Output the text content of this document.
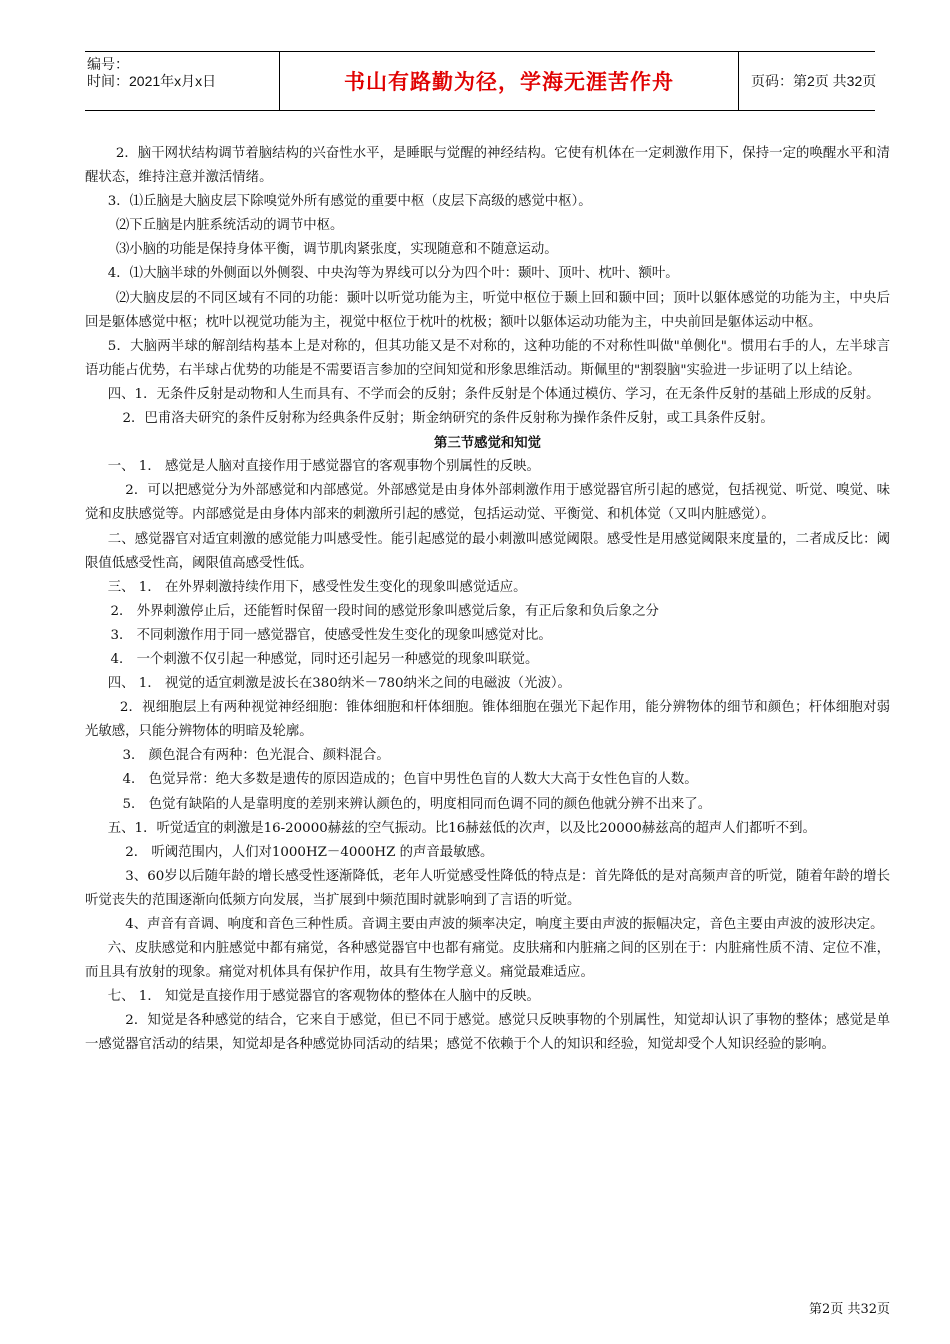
编号：
时间：2021年x月x日	书山有路勤为径，学海无涯苦作舟	页码：第2页 共32页

2．脑干网状结构调节着脑结构的兴奋性水平，是睡眠与觉醒的神经结构。它使有机体在一定刺激作用下，保持一定的唤醒水平和清醒状态，维持注意并激活情绪。

3．⑴丘脑是大脑皮层下除嗅觉外所有感觉的重要中枢（皮层下高级的感觉中枢）。

⑵下丘脑是内脏系统活动的调节中枢。

⑶小脑的功能是保持身体平衡，调节肌肉紧张度，实现随意和不随意运动。

4．⑴大脑半球的外侧面以外侧裂、中央沟等为界线可以分为四个叶：颞叶、顶叶、枕叶、额叶。

⑵大脑皮层的不同区域有不同的功能：颞叶以听觉功能为主，听觉中枢位于颞上回和颞中回；顶叶以躯体感觉的功能为主，中央后回是躯体感觉中枢；枕叶以视觉功能为主，视觉中枢位于枕叶的枕极；额叶以躯体运动功能为主，中央前回是躯体运动中枢。

5．大脑两半球的解剖结构基本上是对称的，但其功能又是不对称的，这种功能的不对称性叫做"单侧化"。惯用右手的人，左半球言语功能占优势，右半球占优势的功能是不需要语言参加的空间知觉和形象思维活动。斯佩里的"割裂脑"实验进一步证明了以上结论。

四、1．无条件反射是动物和人生而具有、不学而会的反射；条件反射是个体通过模仿、学习，在无条件反射的基础上形成的反射。

2．巴甫洛夫研究的条件反射称为经典条件反射；斯金纳研究的条件反射称为操作条件反射，或工具条件反射。

第三节感觉和知觉

一、 1． 感觉是人脑对直接作用于感觉器官的客观事物个别属性的反映。

2．可以把感觉分为外部感觉和内部感觉。外部感觉是由身体外部刺激作用于感觉器官所引起的感觉，包括视觉、听觉、嗅觉、味觉和皮肤感觉等。内部感觉是由身体内部来的刺激所引起的感觉，包括运动觉、平衡觉、和机体觉（又叫内脏感觉）。

二、感觉器官对适宜刺激的感觉能力叫感受性。能引起感觉的最小刺激叫感觉阈限。感受性是用感觉阈限来度量的，二者成反比：阈限值低感受性高，阈限值高感受性低。

三、 1． 在外界刺激持续作用下，感受性发生变化的现象叫感觉适应。

2． 外界刺激停止后，还能暂时保留一段时间的感觉形象叫感觉后象，有正后象和负后象之分

3． 不同刺激作用于同一感觉器官，使感受性发生变化的现象叫感觉对比。

4． 一个刺激不仅引起一种感觉，同时还引起另一种感觉的现象叫联觉。

四、 1． 视觉的适宜刺激是波长在380纳米－780纳米之间的电磁波（光波）。

2．视细胞层上有两种视觉神经细胞：锥体细胞和杆体细胞。锥体细胞在强光下起作用，能分辨物体的细节和颜色；杆体细胞对弱光敏感，只能分辨物体的明暗及轮廓。

3． 颜色混合有两种：色光混合、颜料混合。

4． 色觉异常：绝大多数是遗传的原因造成的；色盲中男性色盲的人数大大高于女性色盲的人数。

5． 色觉有缺陷的人是靠明度的差别来辨认颜色的，明度相同而色调不同的颜色他就分辨不出来了。

五、1．听觉适宜的刺激是16-20000赫兹的空气振动。比16赫兹低的次声，以及比20000赫兹高的超声人们都听不到。

2． 听阈范围内，人们对1000HZ－4000HZ 的声音最敏感。

3、60岁以后随年龄的增长感受性逐渐降低，老年人听觉感受性降低的特点是：首先降低的是对高频声音的听觉，随着年龄的增长听觉丧失的范围逐渐向低频方向发展，当扩展到中频范围时就影响到了言语的听觉。

4、声音有音调、响度和音色三种性质。音调主要由声波的频率决定，响度主要由声波的振幅决定，音色主要由声波的波形决定。

六、皮肤感觉和内脏感觉中都有痛觉，各种感觉器官中也都有痛觉。皮肤痛和内脏痛之间的区别在于：内脏痛性质不清、定位不准，而且具有放射的现象。痛觉对机体具有保护作用，故具有生物学意义。痛觉最难适应。

七、 1． 知觉是直接作用于感觉器官的客观物体的整体在人脑中的反映。

2．知觉是各种感觉的结合，它来自于感觉，但已不同于感觉。感觉只反映事物的个别属性，知觉却认识了事物的整体；感觉是单一感觉器官活动的结果，知觉却是各种感觉协同活动的结果；感觉不依赖于个人的知识和经验，知觉却受个人知识经验的影响。

第2页 共32页
